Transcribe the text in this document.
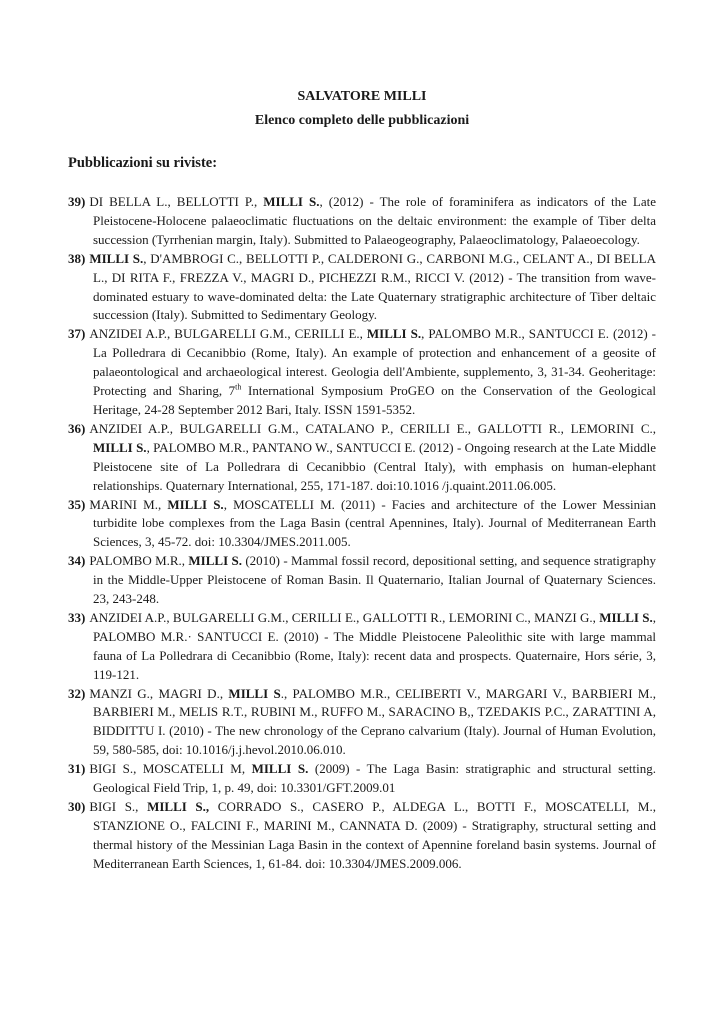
SALVATORE MILLI
Elenco completo delle pubblicazioni
Pubblicazioni su riviste:

39) DI BELLA L., BELLOTTI P., MILLI S., (2012) - The role of foraminifera as indicators of the Late Pleistocene-Holocene palaeoclimatic fluctuations on the deltaic environment: the example of Tiber delta succession (Tyrrhenian margin, Italy). Submitted to Palaeogeography, Palaeoclimatology, Palaeoecology.

38) MILLI S., D'AMBROGI C., BELLOTTI P., CALDERONI G., CARBONI M.G., CELANT A., DI BELLA L., DI RITA F., FREZZA V., MAGRI D., PICHEZZI R.M., RICCI V. (2012) - The transition from wave-dominated estuary to wave-dominated delta: the Late Quaternary stratigraphic architecture of Tiber deltaic succession (Italy). Submitted to Sedimentary Geology.

37) ANZIDEI A.P., BULGARELLI G.M., CERILLI E., MILLI S., PALOMBO M.R., SANTUCCI E. (2012) - La Polledrara di Cecanibbio (Rome, Italy). An example of protection and enhancement of a geosite of palaeontological and archaeological interest. Geologia dell'Ambiente, supplemento, 3, 31-34. Geoheritage: Protecting and Sharing, 7th International Symposium ProGEO on the Conservation of the Geological Heritage, 24-28 September 2012 Bari, Italy. ISSN 1591-5352.

36) ANZIDEI A.P., BULGARELLI G.M., CATALANO P., CERILLI E., GALLOTTI R., LEMORINI C., MILLI S., PALOMBO M.R., PANTANO W., SANTUCCI E. (2012) - Ongoing research at the Late Middle Pleistocene site of La Polledrara di Cecanibbio (Central Italy), with emphasis on human-elephant relationships. Quaternary International, 255, 171-187. doi:10.1016 /j.quaint.2011.06.005.

35) MARINI M., MILLI S., MOSCATELLI M. (2011) - Facies and architecture of the Lower Messinian turbidite lobe complexes from the Laga Basin (central Apennines, Italy). Journal of Mediterranean Earth Sciences, 3, 45-72. doi: 10.3304/JMES.2011.005.

34) PALOMBO M.R., MILLI S. (2010) - Mammal fossil record, depositional setting, and sequence stratigraphy in the Middle-Upper Pleistocene of Roman Basin. Il Quaternario, Italian Journal of Quaternary Sciences. 23, 243-248.

33) ANZIDEI A.P., BULGARELLI G.M., CERILLI E., GALLOTTI R., LEMORINI C., MANZI G., MILLI S., PALOMBO M.R.· SANTUCCI E. (2010) - The Middle Pleistocene Paleolithic site with large mammal fauna of La Polledrara di Cecanibbio (Rome, Italy): recent data and prospects. Quaternaire, Hors série, 3, 119-121.

32) MANZI G., MAGRI D., MILLI S., PALOMBO M.R., CELIBERTI V., MARGARI V., BARBIERI M., BARBIERI M., MELIS R.T., RUBINI M., RUFFO M., SARACINO B,, TZEDAKIS P.C., ZARATTINI A, BIDDITTU I. (2010) - The new chronology of the Ceprano calvarium (Italy). Journal of Human Evolution, 59, 580-585, doi: 10.1016/j.j.hevol.2010.06.010.

31) BIGI S., MOSCATELLI M, MILLI S. (2009) - The Laga Basin: stratigraphic and structural setting. Geological Field Trip, 1, p. 49, doi: 10.3301/GFT.2009.01

30) BIGI S., MILLI S., CORRADO S., CASERO P., ALDEGA L., BOTTI F., MOSCATELLI, M., STANZIONE O., FALCINI F., MARINI M., CANNATA D. (2009) - Stratigraphy, structural setting and thermal history of the Messinian Laga Basin in the context of Apennine foreland basin systems. Journal of Mediterranean Earth Sciences, 1, 61-84. doi: 10.3304/JMES.2009.006.
